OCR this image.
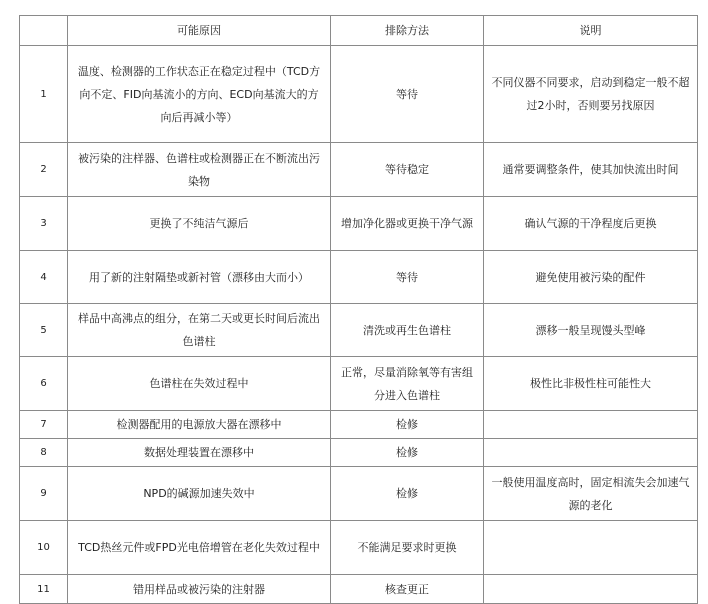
	可能原因	排除方法	说明
1	温度、检测器的工作状态正在稳定过程中（TCD方向不定、FID向基流小的方向、ECD向基流大的方向后再减小等）	等待	不同仪器不同要求，启动到稳定一般不超过2小时，否则要另找原因
2	被污染的注样器、色谱柱或检测器正在不断流出污染物	等待稳定	通常要调整条件，使其加快流出时间
3	更换了不纯洁气源后	增加净化器或更换干净气源	确认气源的干净程度后更换
4	用了新的注射隔垫或新衬管（漂移由大而小）	等待	避免使用被污染的配件
5	样品中高沸点的组分，在第二天或更长时间后流出色谱柱	清洗或再生色谱柱	漂移一般呈现馒头型峰
6	色谱柱在失效过程中	正常，尽量消除氧等有害组分进入色谱柱	极性比非极性柱可能性大
7	检测器配用的电源放大器在漂移中	检修	
8	数据处理装置在漂移中	检修	
9	NPD的碱源加速失效中	检修	一般使用温度高时，固定相流失会加速气源的老化
10	TCD热丝元件或FPD光电倍增管在老化失效过程中	不能满足要求时更换	
11	错用样品或被污染的注射器	核查更正	
